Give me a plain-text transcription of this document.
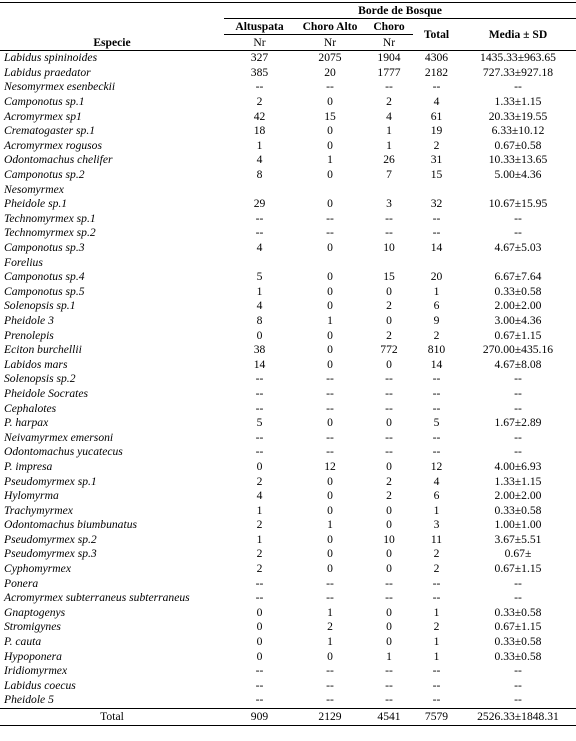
Especie	Borde de Bosque				
	Altuspata	Choro Alto	Choro	Total	Media ± SD
	Nr	Nr	Nr		
Labidus spininoides	327	2075	1904	4306	1435.33±963.65
Labidus praedator	385	20	1777	2182	727.33±927.18
Nesomyrmex esenbeckii	--	--	--	--	--
Camponotus sp.1	2	0	2	4	1.33±1.15
Acromyrmex sp1	42	15	4	61	20.33±19.55
Crematogaster sp.1	18	0	1	19	6.33±10.12
Acromyrmex rogusos	1	0	1	2	0.67±0.58
Odontomachus chelifer	4	1	26	31	10.33±13.65
Camponotus sp.2	8	0	7	15	5.00±4.36
Nesomyrmex					
Pheidole sp.1	29	0	3	32	10.67±15.95
Technomyrmex sp.1	--	--	--	--	--
Technomyrmex sp.2	--	--	--	--	--
Camponotus sp.3	4	0	10	14	4.67±5.03
Forelius					
Camponotus sp.4	5	0	15	20	6.67±7.64
Camponotus sp.5	1	0	0	1	0.33±0.58
Solenopsis sp.1	4	0	2	6	2.00±2.00
Pheidole 3	8	1	0	9	3.00±4.36
Prenolepis	0	0	2	2	0.67±1.15
Eciton burchellii	38	0	772	810	270.00±435.16
Labidos mars	14	0	0	14	4.67±8.08
Solenopsis sp.2	--	--	--	--	--
Pheidole Socrates	--	--	--	--	--
Cephalotes	--	--	--	--	--
P. harpax	5	0	0	5	1.67±2.89
Neivamyrmex emersoni	--	--	--	--	--
Odontomachus yucatecus	--	--	--	--	--
P. impresa	0	12	0	12	4.00±6.93
Pseudomyrmex sp.1	2	0	2	4	1.33±1.15
Hylomyrma	4	0	2	6	2.00±2.00
Trachymyrmex	1	0	0	1	0.33±0.58
Odontomachus biumbunatus	2	1	0	3	1.00±1.00
Pseudomyrmex sp.2	1	0	10	11	3.67±5.51
Pseudomyrmex sp.3	2	0	0	2	0.67±
Cyphomyrmex	2	0	0	2	0.67±1.15
Ponera	--	--	--	--	--
Acromyrmex subterraneus subterraneus	--	--	--	--	--
Gnaptogenys	0	1	0	1	0.33±0.58
Stromigynes	0	2	0	2	0.67±1.15
P. cauta	0	1	0	1	0.33±0.58
Hypoponera	0	0	1	1	0.33±0.58
Iridiomyrmex	--	--	--	--	--
Labidus coecus	--	--	--	--	--
Pheidole 5	--	--	--	--	--
Total	909	2129	4541	7579	2526.33±1848.31
